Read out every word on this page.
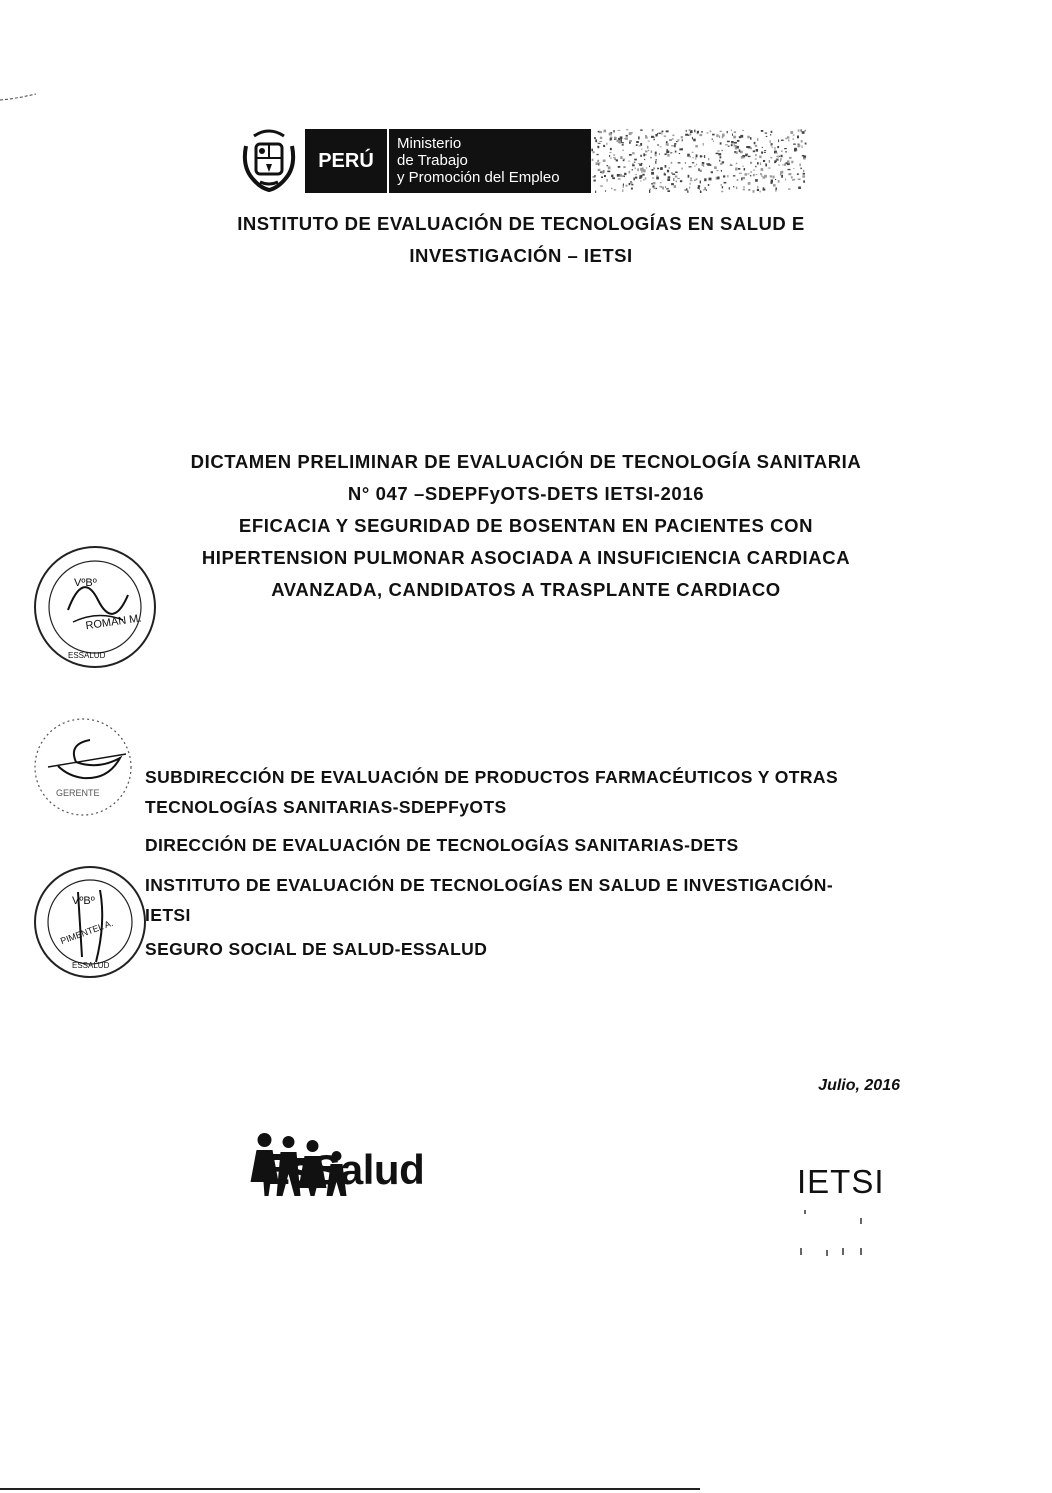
PERÚ
Ministerio
de Trabajo
y Promoción del Empleo
INSTITUTO DE EVALUACIÓN DE TECNOLOGÍAS EN SALUD E
INVESTIGACIÓN – IETSI
DICTAMEN PRELIMINAR DE EVALUACIÓN DE TECNOLOGÍA SANITARIA
N° 047 –SDEPFyOTS-DETS IETSI-2016
EFICACIA Y SEGURIDAD DE BOSENTAN EN PACIENTES CON
HIPERTENSION PULMONAR ASOCIADA A INSUFICIENCIA CARDIACA
AVANZADA, CANDIDATOS A TRASPLANTE CARDIACO
VºBº
ROMAN M.
ESSALUD
GERENTE
SUBDIRECCIÓN DE EVALUACIÓN DE PRODUCTOS FARMACÉUTICOS Y OTRAS
TECNOLOGÍAS SANITARIAS-SDEPFyOTS
DIRECCIÓN DE EVALUACIÓN DE TECNOLOGÍAS SANITARIAS-DETS
INSTITUTO DE EVALUACIÓN DE TECNOLOGÍAS EN SALUD E INVESTIGACIÓN-
IETSI
SEGURO SOCIAL DE SALUD-ESSALUD
VºBº
PIMENTEL A.
ESSALUD
Julio, 2016
EsSalud	IETSI
